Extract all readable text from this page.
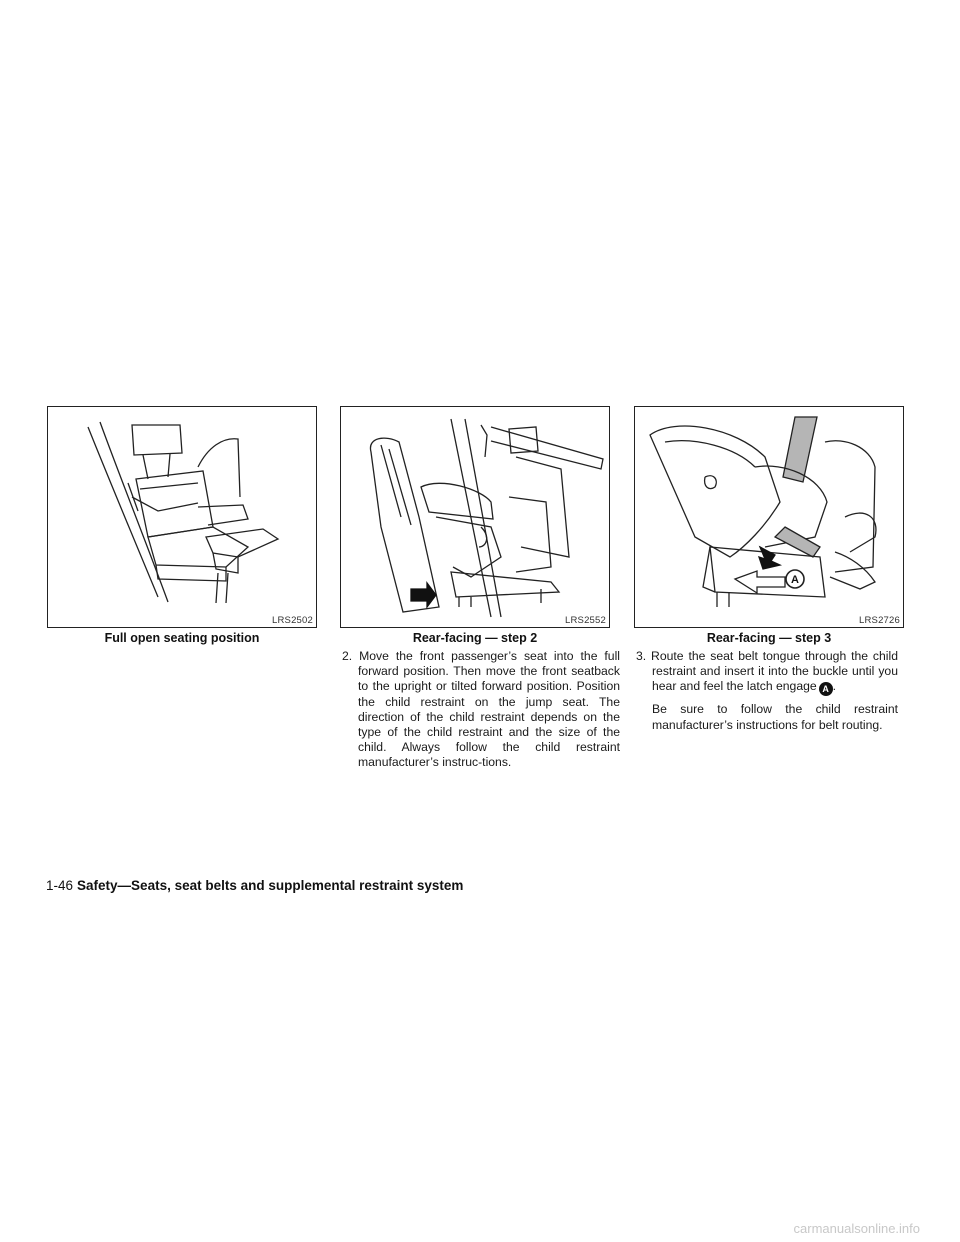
LRS2502
Full open seating position
LRS2552
Rear-facing — step 2
A
LRS2726
Rear-facing — step 3
2. Move the front passenger’s seat into the full forward position. Then move the front seatback to the upright or tilted forward position. Position the child restraint on the jump seat. The direction of the child restraint depends on the type of the child restraint and the size of the child. Always follow the child restraint manufacturer’s instruc-tions.
3. Route the seat belt tongue through the child restraint and insert it into the buckle until you hear and feel the latch engage A .
Be sure to follow the child restraint manufacturer’s instructions for belt routing.
1-46 Safety—Seats, seat belts and supplemental restraint system
carmanualsonline.info
